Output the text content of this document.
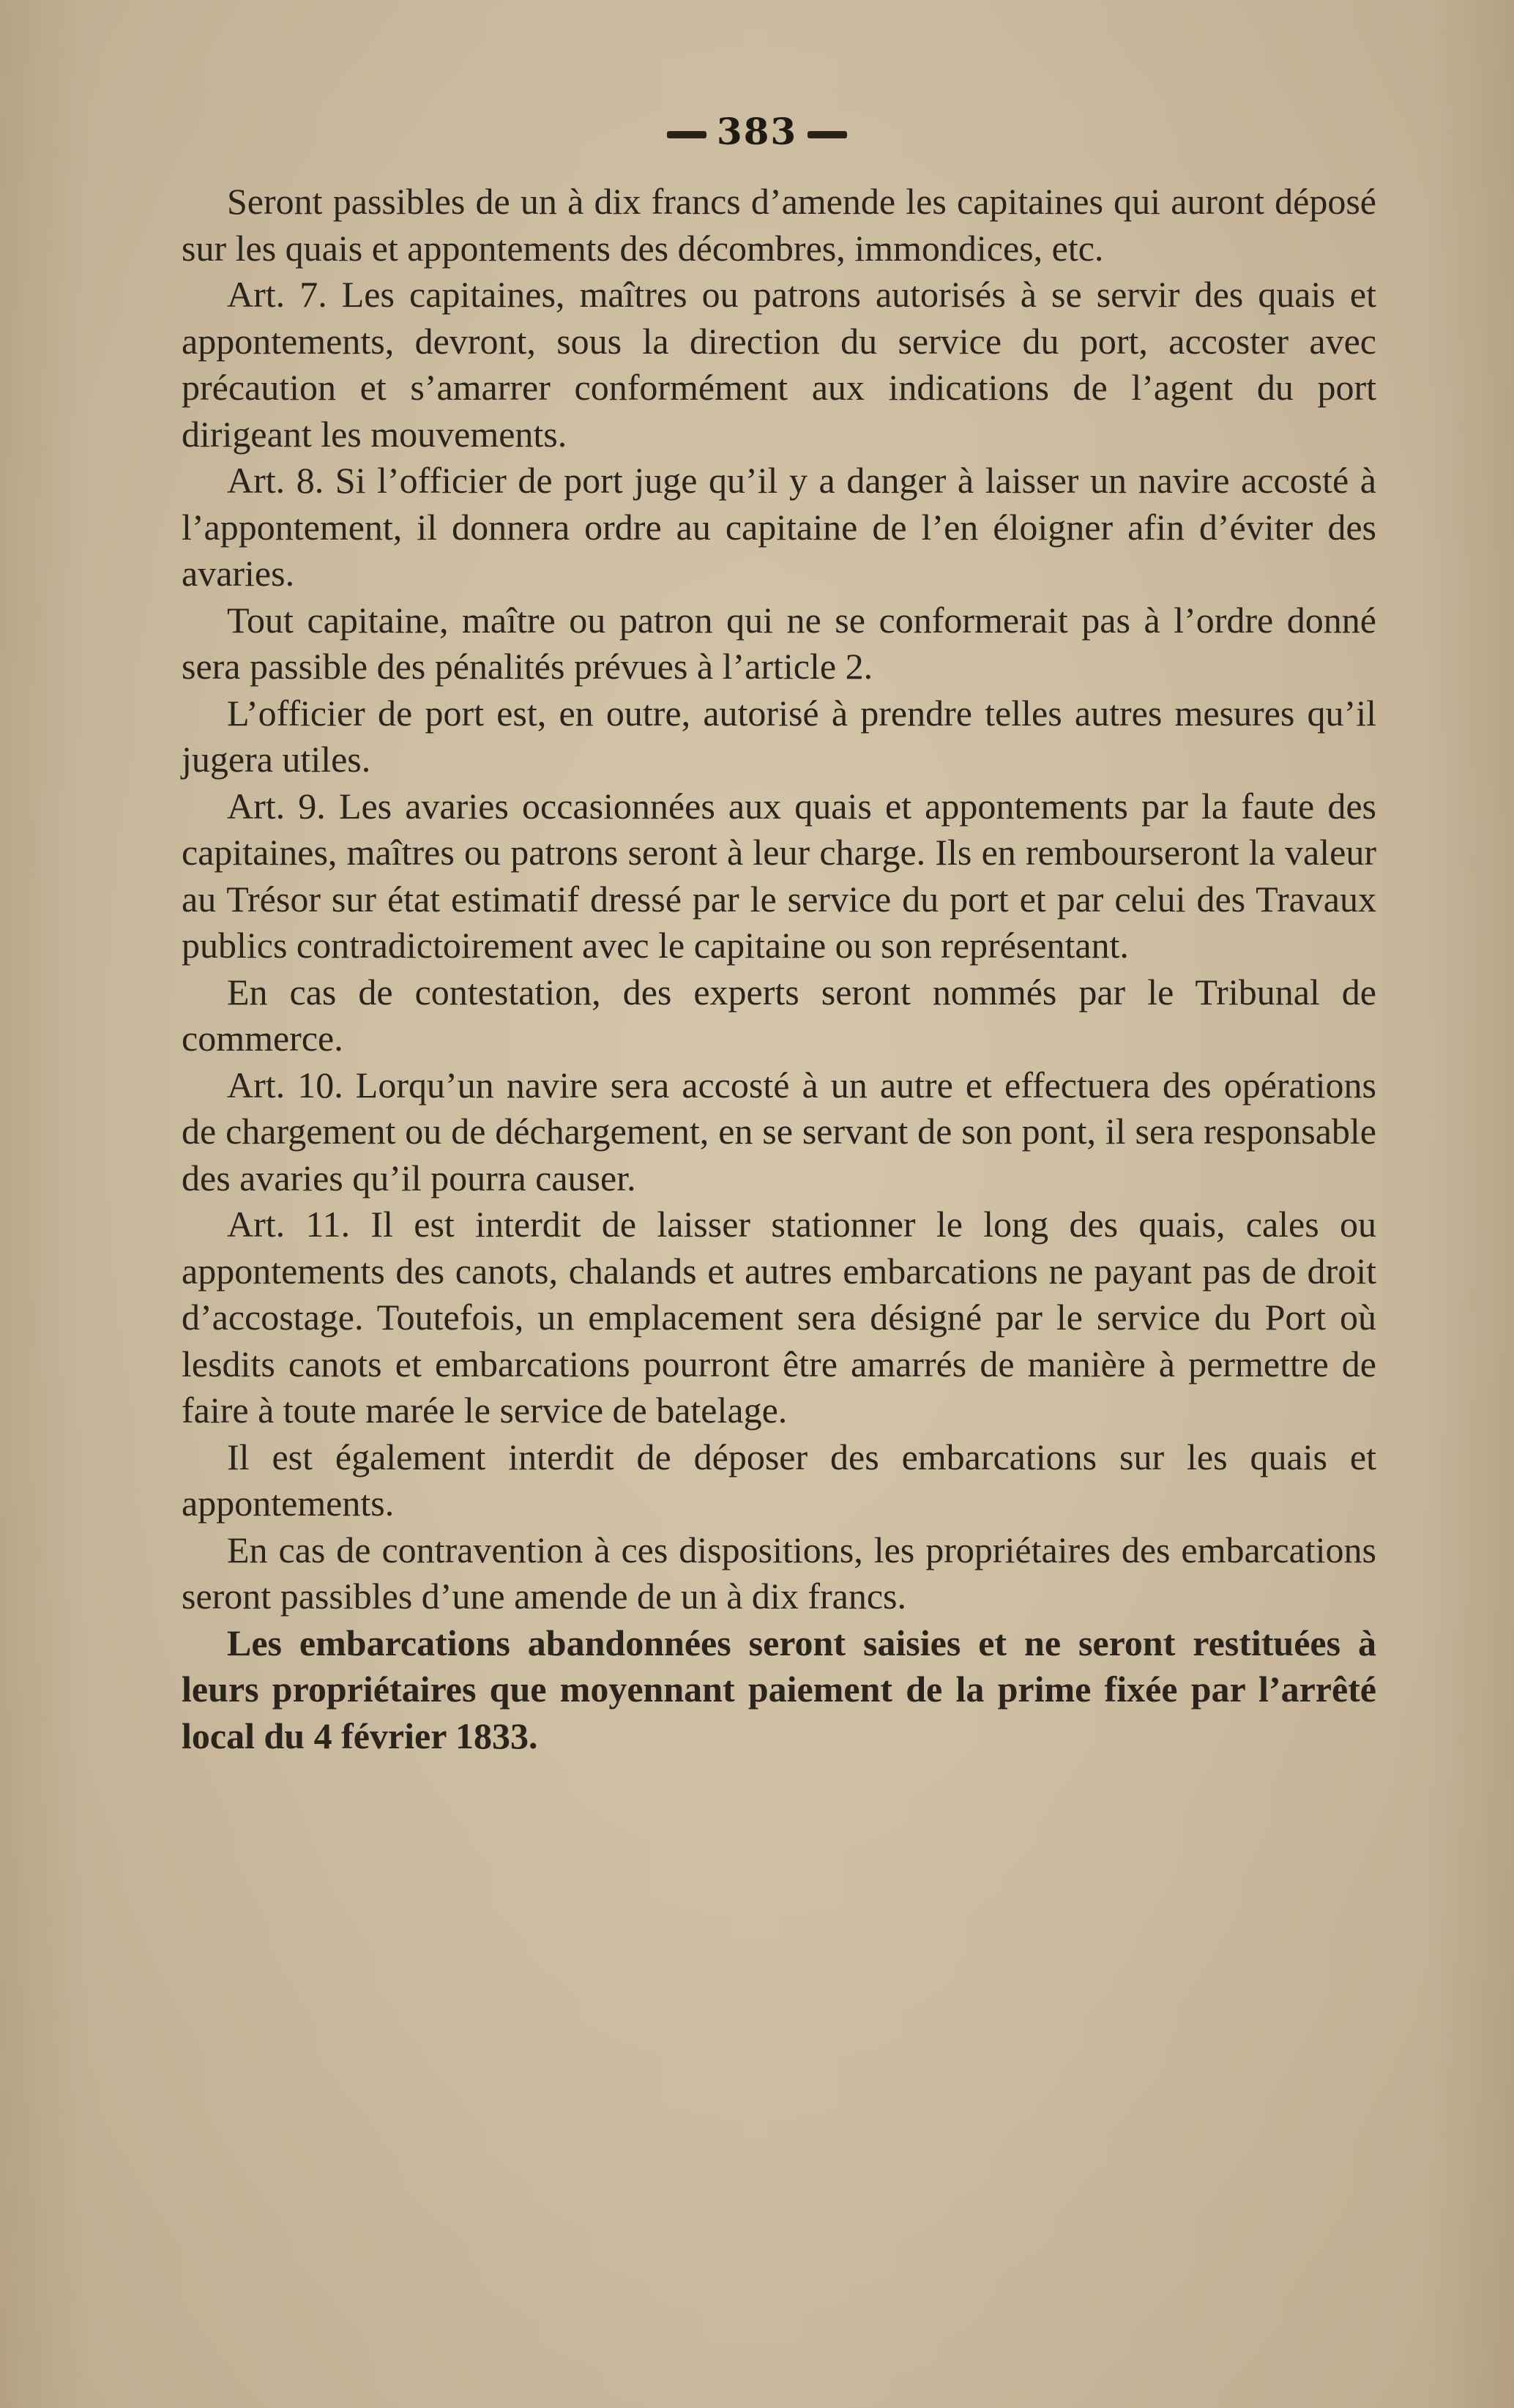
383

Seront passibles de un à dix francs d’amende les capitaines qui auront déposé sur les quais et appontements des décombres, immondices, etc.

Art. 7. Les capitaines, maîtres ou patrons autorisés à se servir des quais et appontements, devront, sous la direction du service du port, accoster avec précaution et s’amarrer conformément aux indications de l’agent du port dirigeant les mouvements.

Art. 8. Si l’officier de port juge qu’il y a danger à laisser un navire accosté à l’appontement, il donnera ordre au capitaine de l’en éloigner afin d’éviter des avaries.

Tout capitaine, maître ou patron qui ne se conformerait pas à l’ordre donné sera passible des pénalités prévues à l’article 2.

L’officier de port est, en outre, autorisé à prendre telles autres mesures qu’il jugera utiles.

Art. 9. Les avaries occasionnées aux quais et appontements par la faute des capitaines, maîtres ou patrons seront à leur charge. Ils en rembourseront la valeur au Trésor sur état estimatif dressé par le service du port et par celui des Travaux publics contradictoirement avec le capitaine ou son représentant.

En cas de contestation, des experts seront nommés par le Tribunal de commerce.

Art. 10. Lorqu’un navire sera accosté à un autre et effectuera des opérations de chargement ou de déchargement, en se servant de son pont, il sera responsable des avaries qu’il pourra causer.

Art. 11. Il est interdit de laisser stationner le long des quais, cales ou appontements des canots, chalands et autres embarcations ne payant pas de droit d’accostage. Toutefois, un emplacement sera désigné par le service du Port où lesdits canots et embarcations pourront être amarrés de manière à permettre de faire à toute marée le service de batelage.

Il est également interdit de déposer des embarcations sur les quais et appontements.

En cas de contravention à ces dispositions, les propriétaires des embarcations seront passibles d’une amende de un à dix francs.

Les embarcations abandonnées seront saisies et ne seront restituées à leurs propriétaires que moyennant paiement de la prime fixée par l’arrêté local du 4 février 1833.
